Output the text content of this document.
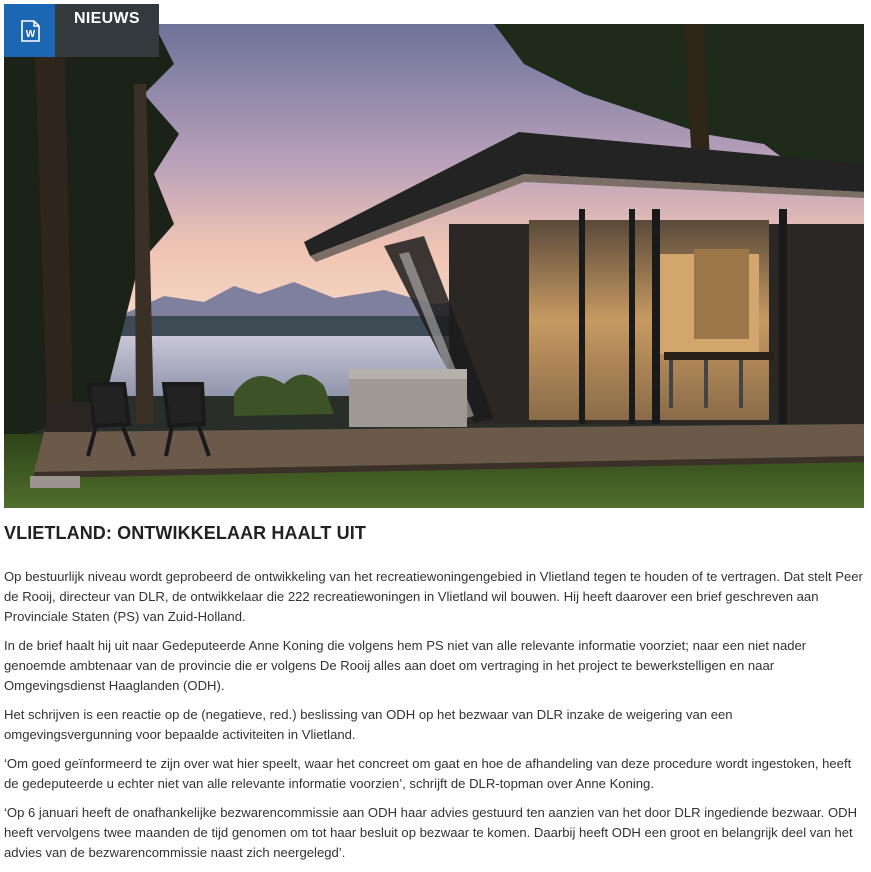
W
NIEUWS
VLIETLAND: ONTWIKKELAAR HAALT UIT

Op bestuurlijk niveau wordt geprobeerd de ontwikkeling van het recreatiewoningengebied in Vlietland tegen te houden of te vertragen. Dat stelt Peer de Rooij, directeur van DLR, de ontwikkelaar die 222 recreatiewoningen in Vlietland wil bouwen. Hij heeft daarover een brief geschreven aan Provinciale Staten (PS) van Zuid-Holland.

In de brief haalt hij uit naar Gedeputeerde Anne Koning die volgens hem PS niet van alle relevante informatie voorziet; naar een niet nader genoemde ambtenaar van de provincie die er volgens De Rooij alles aan doet om vertraging in het project te bewerkstelligen en naar Omgevingsdienst Haaglanden (ODH).

Het schrijven is een reactie op de (negatieve, red.) beslissing van ODH op het bezwaar van DLR inzake de weigering van een omgevingsvergunning voor bepaalde activiteiten in Vlietland.

‘Om goed geïnformeerd te zijn over wat hier speelt, waar het concreet om gaat en hoe de afhandeling van deze procedure wordt ingestoken, heeft de gedeputeerde u echter niet van alle relevante informatie voorzien’, schrijft de DLR-topman over Anne Koning.

‘Op 6 januari heeft de onafhankelijke bezwarencommissie aan ODH haar advies gestuurd ten aanzien van het door DLR ingediende bezwaar. ODH heeft vervolgens twee maanden de tijd genomen om tot haar besluit op bezwaar te komen. Daarbij heeft ODH een groot en belangrijk deel van het advies van de bezwarencommissie naast zich neergelegd’.
